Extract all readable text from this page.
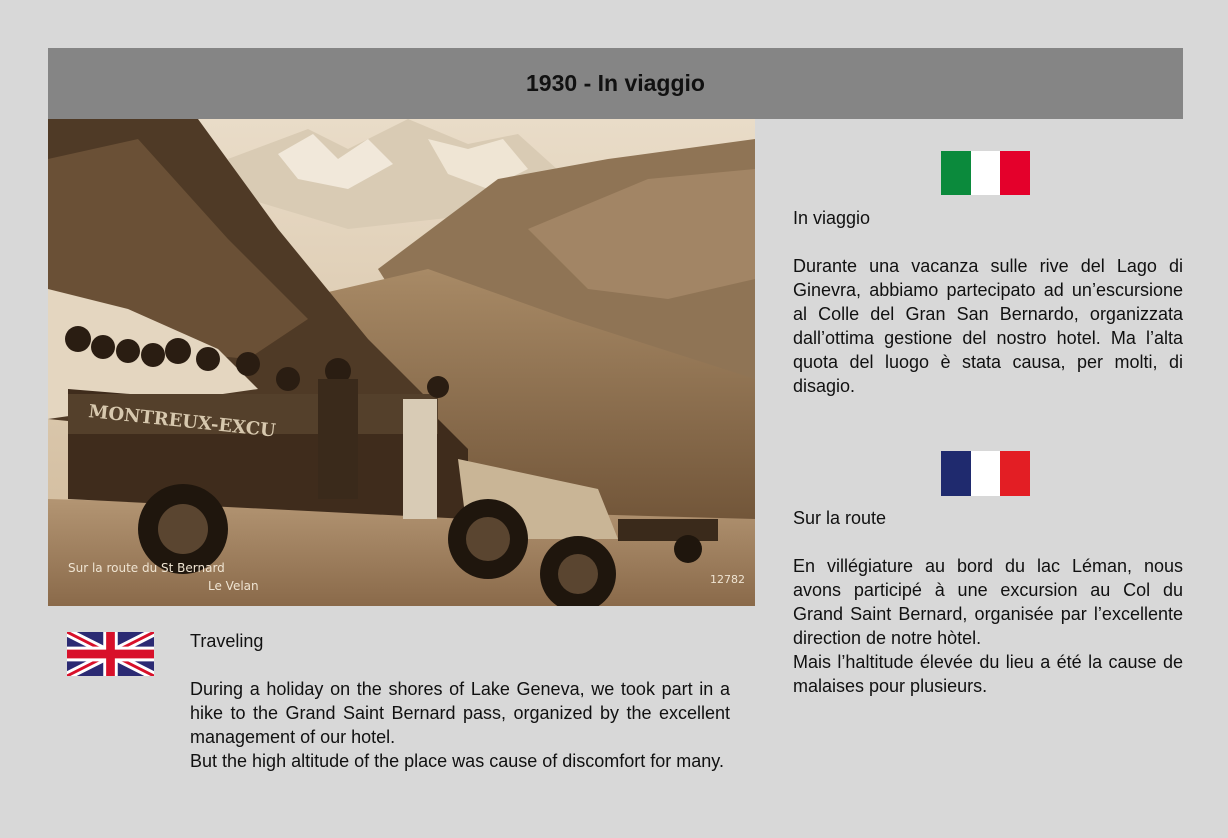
1930 - In viaggio
MONTREUX-EXCU
Sur la route du St Bernard
Le Velan	12782
In viaggio
Durante una vacanza sulle rive del Lago di Ginevra, abbiamo partecipato ad un’escursione al Colle del Gran San Bernardo, organizzata dall’ottima gestione del nostro hotel. Ma l’alta quota del luogo è stata causa, per molti, di disagio.
Sur la route
En villégiature au bord du lac Léman, nous avons participé à une excursion au Col du Grand Saint Bernard, organisée par l’excellente direction de notre hòtel.
Mais l’haltitude élevée du lieu a été la cause de malaises pour plusieurs.
Traveling
During a holiday on the shores of Lake Geneva, we took part in a hike to the Grand Saint Bernard pass, organized by the excellent management of our hotel.
But the high altitude of the place was cause of discomfort for many.
